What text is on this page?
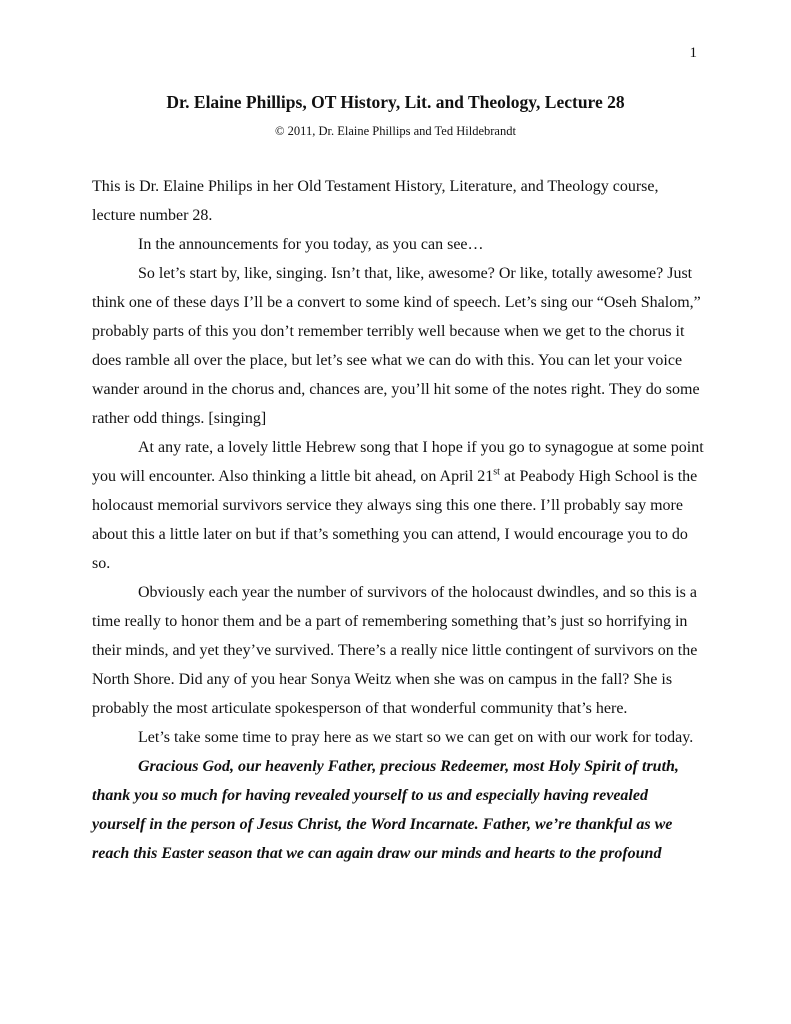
1
Dr. Elaine Phillips, OT History, Lit. and Theology, Lecture 28
© 2011, Dr. Elaine Phillips and Ted Hildebrandt

This is Dr. Elaine Philips in her Old Testament History, Literature, and Theology course, lecture number 28.

In the announcements for you today, as you can see…

So let’s start by, like, singing. Isn’t that, like, awesome? Or like, totally awesome? Just think one of these days I’ll be a convert to some kind of speech. Let’s sing our “Oseh Shalom,” probably parts of this you don’t remember terribly well because when we get to the chorus it does ramble all over the place, but let’s see what we can do with this. You can let your voice wander around in the chorus and, chances are, you’ll hit some of the notes right. They do some rather odd things. [singing]

At any rate, a lovely little Hebrew song that I hope if you go to synagogue at some point you will encounter. Also thinking a little bit ahead, on April 21st at Peabody High School is the holocaust memorial survivors service they always sing this one there. I’ll probably say more about this a little later on but if that’s something you can attend, I would encourage you to do so.

Obviously each year the number of survivors of the holocaust dwindles, and so this is a time really to honor them and be a part of remembering something that’s just so horrifying in their minds, and yet they’ve survived. There’s a really nice little contingent of survivors on the North Shore. Did any of you hear Sonya Weitz when she was on campus in the fall? She is probably the most articulate spokesperson of that wonderful community that’s here.

Let’s take some time to pray here as we start so we can get on with our work for today.

Gracious God, our heavenly Father, precious Redeemer, most Holy Spirit of truth, thank you so much for having revealed yourself to us and especially having revealed yourself in the person of Jesus Christ, the Word Incarnate. Father, we’re thankful as we reach this Easter season that we can again draw our minds and hearts to the profound
